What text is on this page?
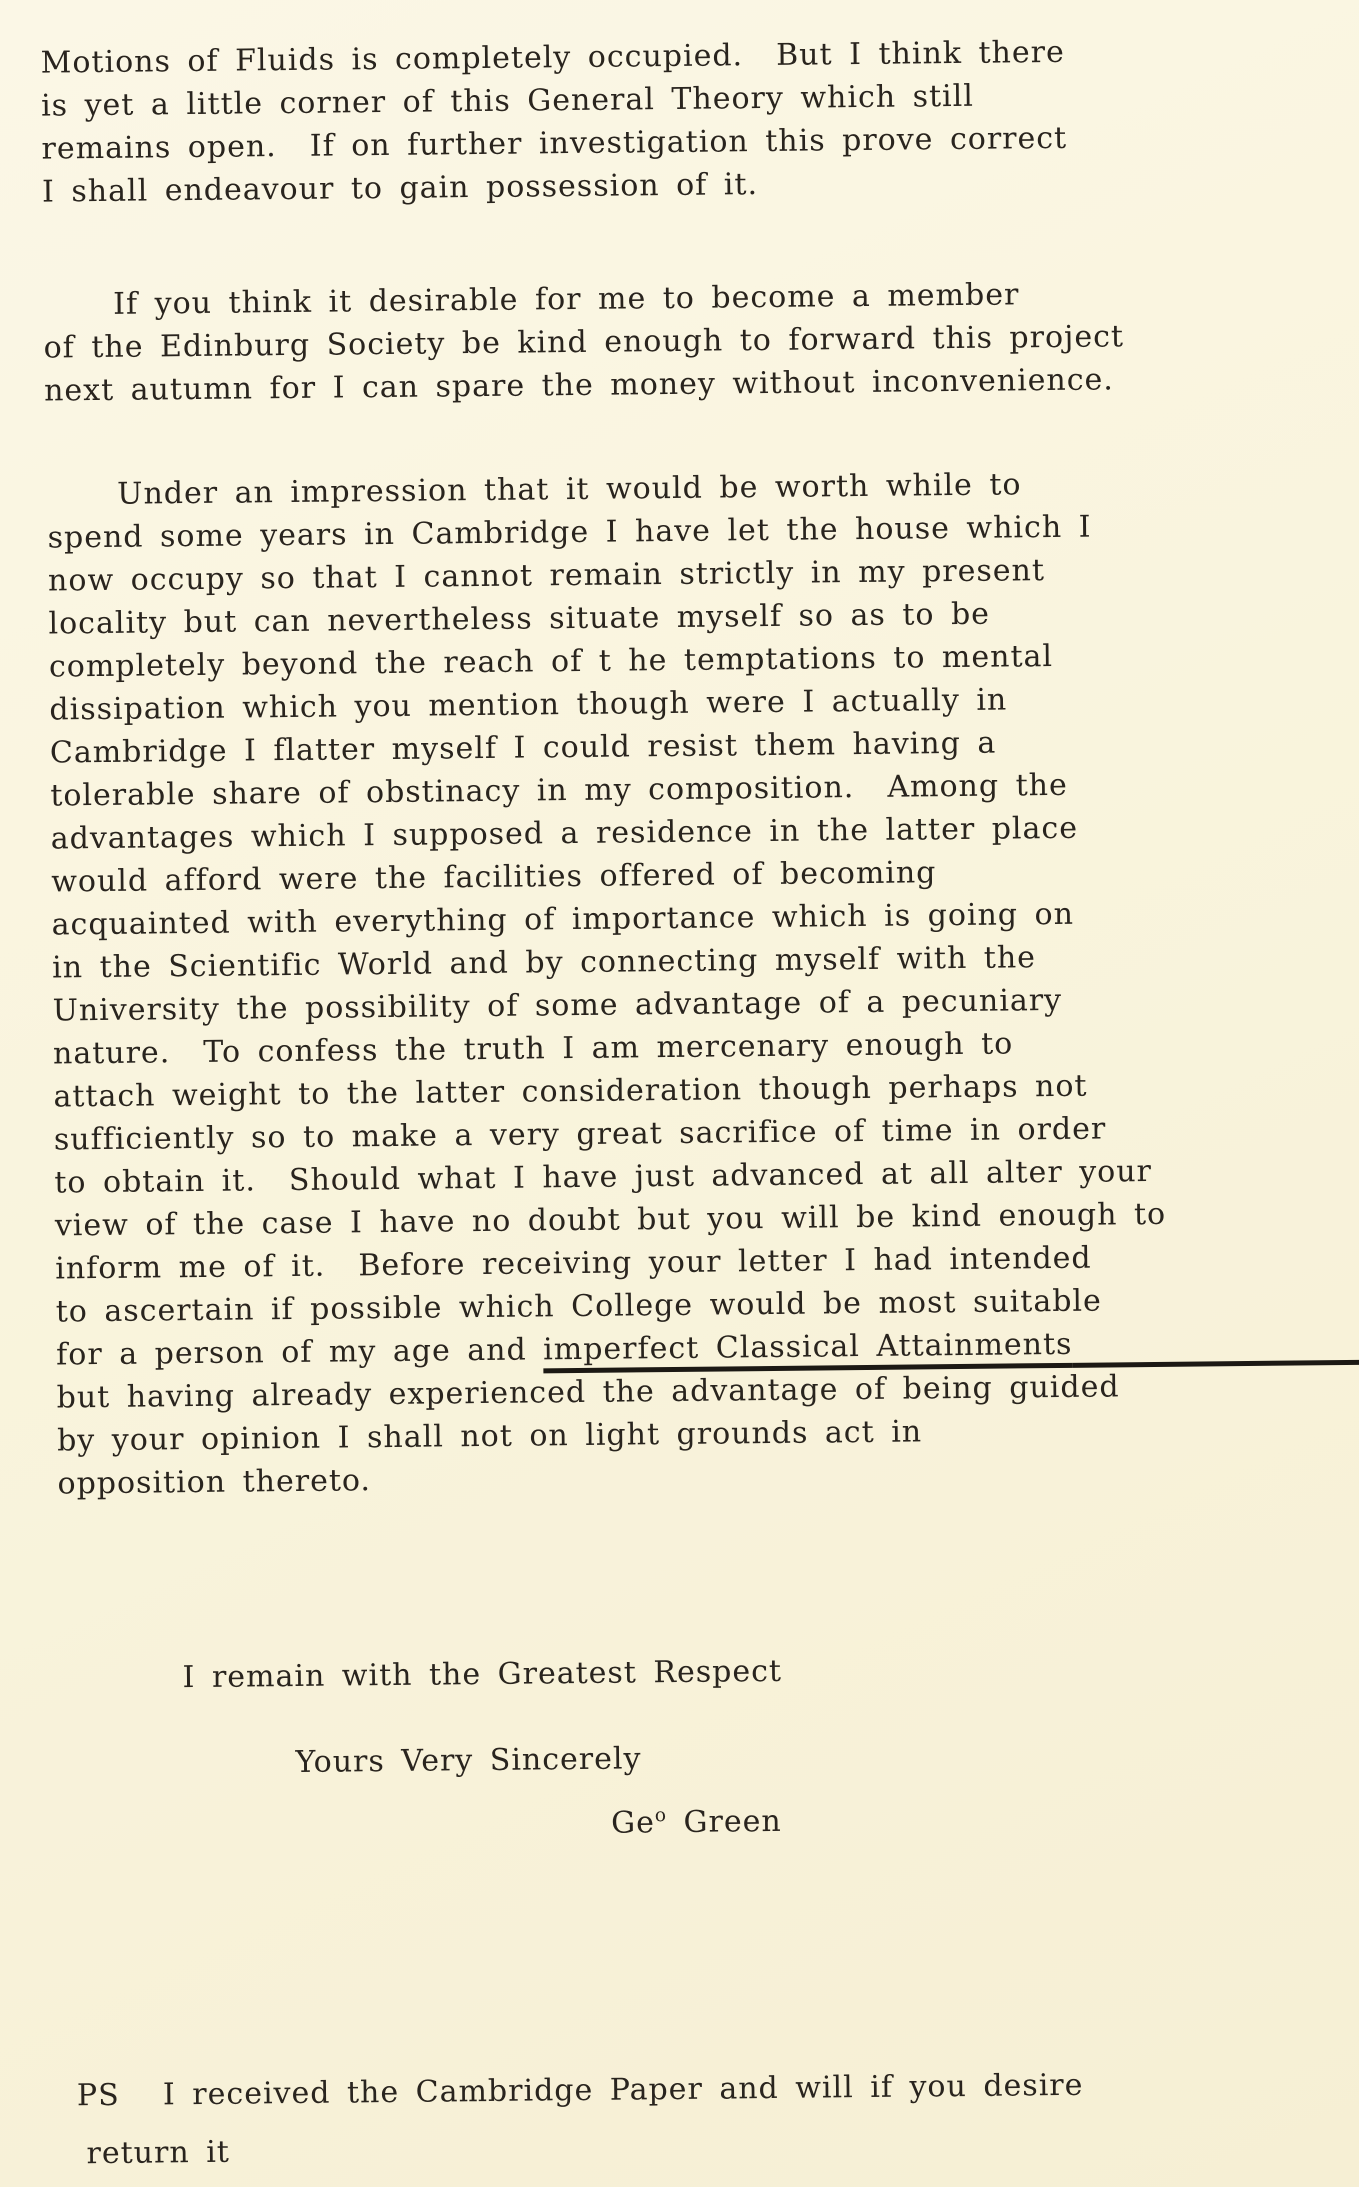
Motions of Fluids is completely occupied.  But I think there
is yet a little corner of this General Theory which still
remains open.  If on further investigation this prove correct
I shall endeavour to gain possession of it.
If you think it desirable for me to become a member
of the Edinburg Society be kind enough to forward this project
next autumn for I can spare the money without inconvenience.
Under an impression that it would be worth while to
spend some years in Cambridge I have let the house which I
now occupy so that I cannot remain strictly in my present
locality but can nevertheless situate myself so as to be
completely beyond the reach of t he temptations to mental
dissipation which you mention though were I actually in
Cambridge I flatter myself I could resist them having a
tolerable share of obstinacy in my composition.  Among the
advantages which I supposed a residence in the latter place
would afford were the facilities offered of becoming
acquainted with everything of importance which is going on
in the Scientific World and by connecting myself with the
University the possibility of some advantage of a pecuniary
nature.  To confess the truth I am mercenary enough to
attach weight to the latter consideration though perhaps not
sufficiently so to make a very great sacrifice of time in order
to obtain it.  Should what I have just advanced at all alter your
view of the case I have no doubt but you will be kind enough to
inform me of it.  Before receiving your letter I had intended
to ascertain if possible which College would be most suitable
for a person of my age and imperfect Classical Attainments
but having already experienced the advantage of being guided
by your opinion I shall not on light grounds act in
opposition thereto.
I remain with the Greatest Respect
Yours Very Sincerely
Ge$^o$ Green
PS I received the Cambridge Paper and will if you desire
return it
